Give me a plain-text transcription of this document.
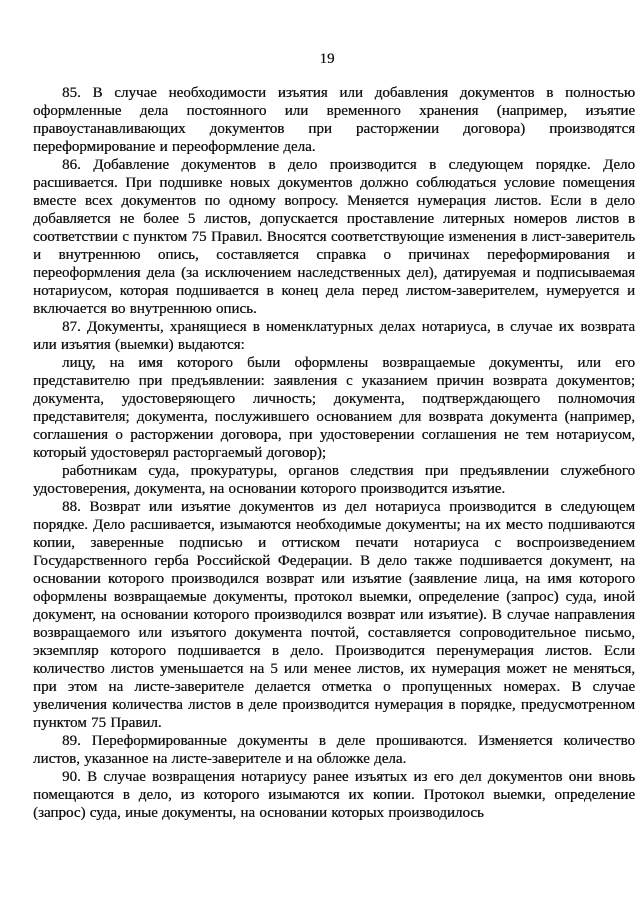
19

85. В случае необходимости изъятия или добавления документов в полностью оформленные дела постоянного или временного хранения (например, изъятие правоустанавливающих документов при расторжении договора) производятся переформирование и переоформление дела.

86. Добавление документов в дело производится в следующем порядке. Дело расшивается. При подшивке новых документов должно соблюдаться условие помещения вместе всех документов по одному вопросу. Меняется нумерация листов. Если в дело добавляется не более 5 листов, допускается проставление литерных номеров листов в соответствии с пунктом 75 Правил. Вносятся соответствующие изменения в лист-заверитель и внутреннюю опись, составляется справка о причинах переформирования и переоформления дела (за исключением наследственных дел), датируемая и подписываемая нотариусом, которая подшивается в конец дела перед листом-заверителем, нумеруется и включается во внутреннюю опись.

87. Документы, хранящиеся в номенклатурных делах нотариуса, в случае их возврата или изъятия (выемки) выдаются:

лицу, на имя которого были оформлены возвращаемые документы, или его представителю при предъявлении: заявления с указанием причин возврата документов; документа, удостоверяющего личность; документа, подтверждающего полномочия представителя; документа, послужившего основанием для возврата документа (например, соглашения о расторжении договора, при удостоверении соглашения не тем нотариусом, который удостоверял расторгаемый договор);

работникам суда, прокуратуры, органов следствия при предъявлении служебного удостоверения, документа, на основании которого производится изъятие.

88. Возврат или изъятие документов из дел нотариуса производится в следующем порядке. Дело расшивается, изымаются необходимые документы; на их место подшиваются копии, заверенные подписью и оттиском печати нотариуса с воспроизведением Государственного герба Российской Федерации. В дело также подшивается документ, на основании которого производился возврат или изъятие (заявление лица, на имя которого оформлены возвращаемые документы, протокол выемки, определение (запрос) суда, иной документ, на основании которого производился возврат или изъятие). В случае направления возвращаемого или изъятого документа почтой, составляется сопроводительное письмо, экземпляр которого подшивается в дело. Производится перенумерация листов. Если количество листов уменьшается на 5 или менее листов, их нумерация может не меняться, при этом на листе-заверителе делается отметка о пропущенных номерах. В случае увеличения количества листов в деле производится нумерация в порядке, предусмотренном пунктом 75 Правил.

89. Переформированные документы в деле прошиваются. Изменяется количество листов, указанное на листе-заверителе и на обложке дела.

90. В случае возвращения нотариусу ранее изъятых из его дел документов они вновь помещаются в дело, из которого изымаются их копии. Протокол выемки, определение (запрос) суда, иные документы, на основании которых производилось
